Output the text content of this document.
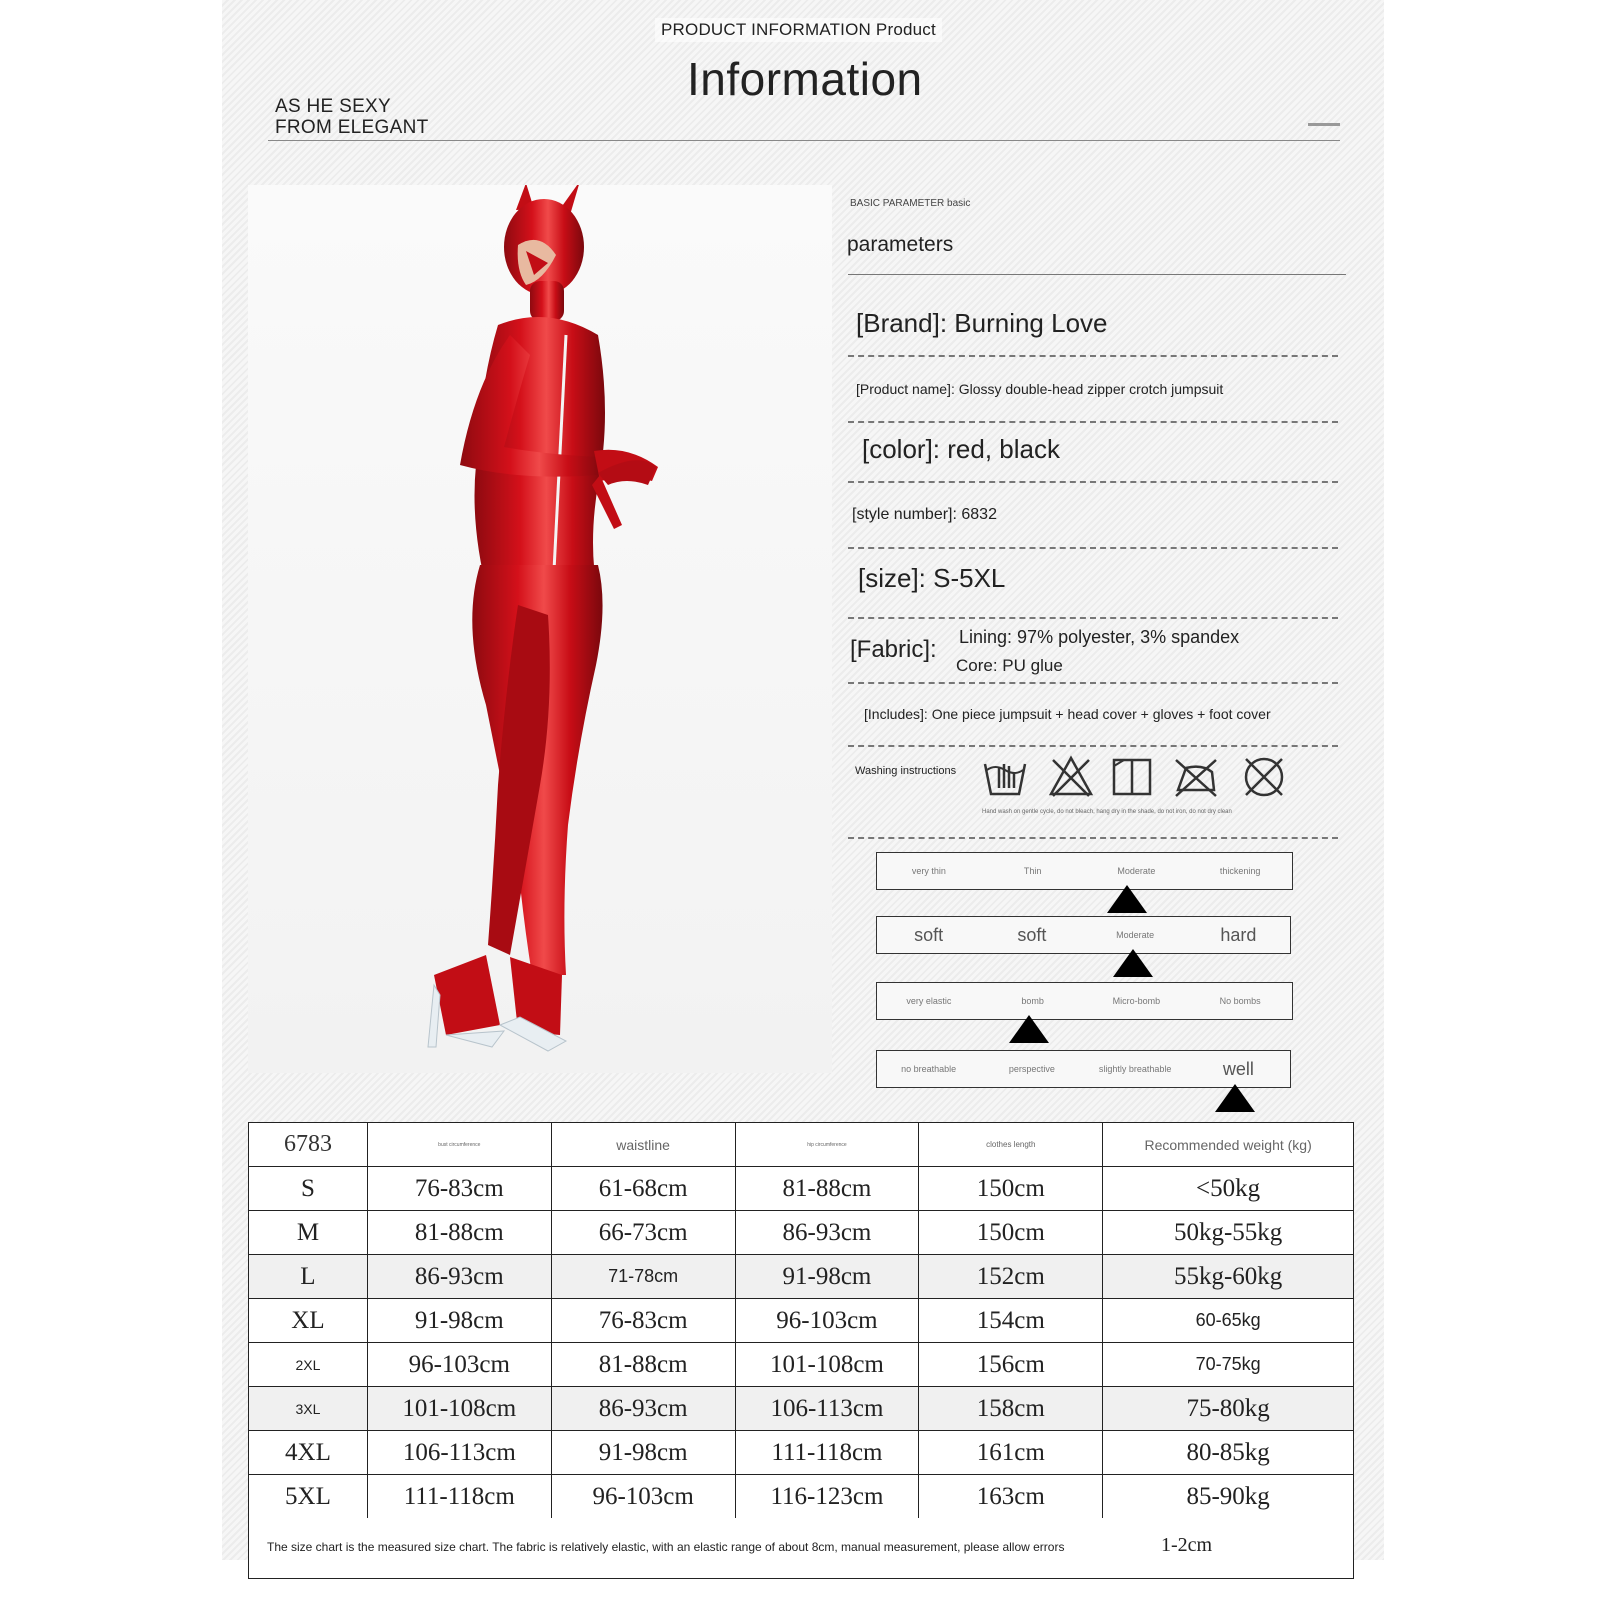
PRODUCT INFORMATION Product
Information
AS HE SEXY
FROM ELEGANT
BASIC PARAMETER basic
parameters
[Brand]: Burning Love
[Product name]: Glossy double-head zipper crotch jumpsuit
[color]: red, black
[style number]: 6832
[size]: S-5XL
[Fabric]: Lining: 97% polyester, 3% spandex
Core: PU glue
[Includes]: One piece jumpsuit + head cover + gloves + foot cover
Washing instructions
Hand wash on gentle cycle, do not bleach, hang dry in the shade, do not iron, do not dry clean
very thin	Thin	Moderate	thickening
soft	soft	Moderate	hard
very elastic	bomb	Micro-bomb	No bombs
no breathable	perspective	slightly breathable	well
6783	bust circumference	waistline	hip circumference	clothes length	Recommended weight (kg)
S	76-83cm	61-68cm	81-88cm	150cm	<50kg
M	81-88cm	66-73cm	86-93cm	150cm	50kg-55kg
L	86-93cm	71-78cm	91-98cm	152cm	55kg-60kg
XL	91-98cm	76-83cm	96-103cm	154cm	60-65kg
2XL	96-103cm	81-88cm	101-108cm	156cm	70-75kg
3XL	101-108cm	86-93cm	106-113cm	158cm	75-80kg
4XL	106-113cm	91-98cm	111-118cm	161cm	80-85kg
5XL	111-118cm	96-103cm	116-123cm	163cm	85-90kg
The size chart is the measured size chart. The fabric is relatively elastic, with an elastic range of about 8cm, manual measurement, please allow errors	1-2cm
